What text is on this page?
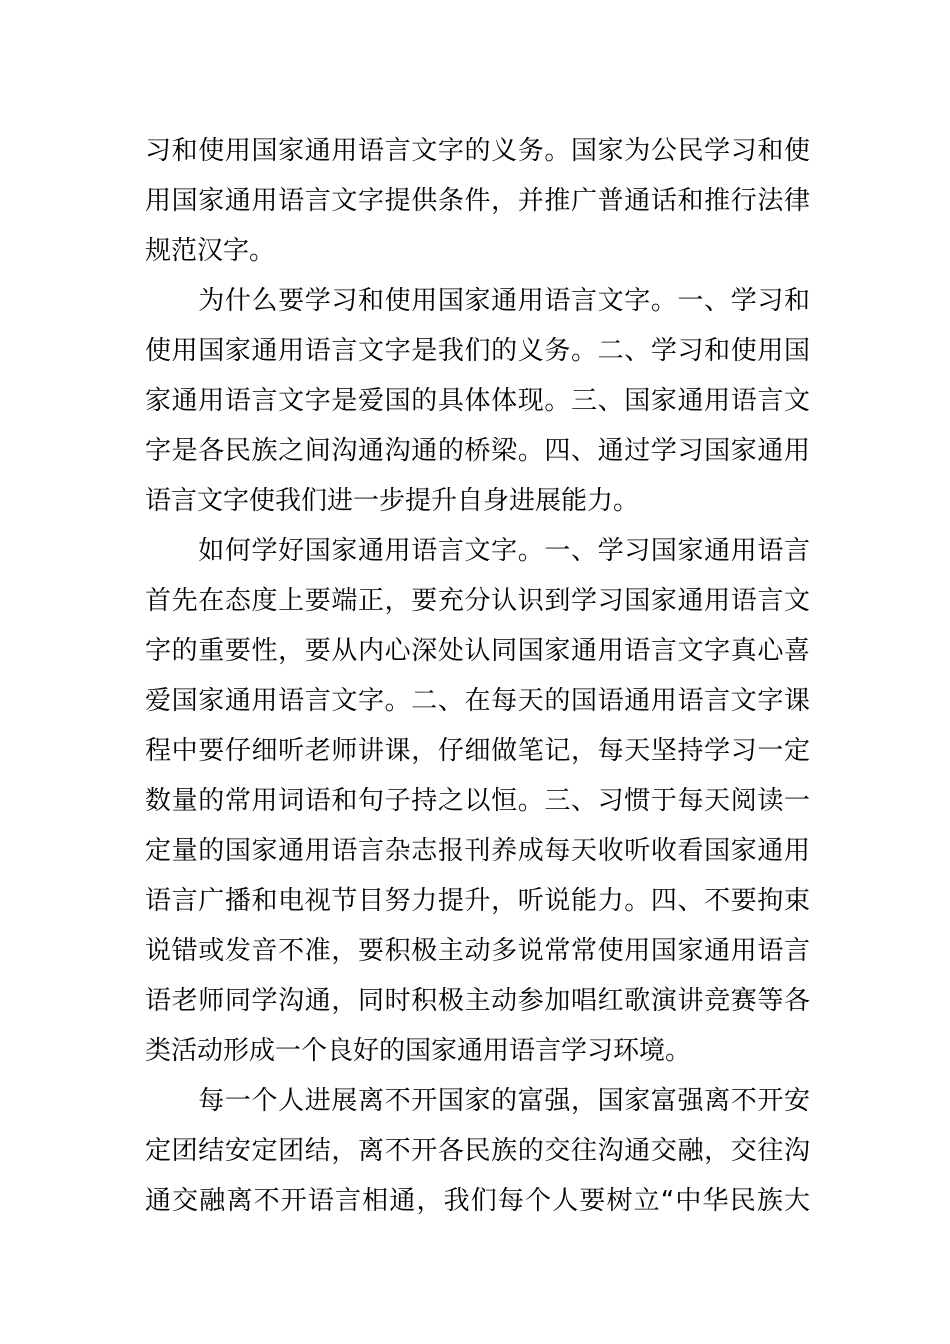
习和使用国家通用语言文字的义务。国家为公民学习和使
用国家通用语言文字提供条件，并推广普通话和推行法律
规范汉字。
　　为什么要学习和使用国家通用语言文字。一、学习和
使用国家通用语言文字是我们的义务。二、学习和使用国
家通用语言文字是爱国的具体体现。三、国家通用语言文
字是各民族之间沟通沟通的桥梁。四、通过学习国家通用
语言文字使我们进一步提升自身进展能力。
　　如何学好国家通用语言文字。一、学习国家通用语言
首先在态度上要端正，要充分认识到学习国家通用语言文
字的重要性，要从内心深处认同国家通用语言文字真心喜
爱国家通用语言文字。二、在每天的国语通用语言文字课
程中要仔细听老师讲课，仔细做笔记，每天坚持学习一定
数量的常用词语和句子持之以恒。三、习惯于每天阅读一
定量的国家通用语言杂志报刊养成每天收听收看国家通用
语言广播和电视节目努力提升，听说能力。四、不要拘束
说错或发音不准，要积极主动多说常常使用国家通用语言
语老师同学沟通，同时积极主动参加唱红歌演讲竞赛等各
类活动形成一个良好的国家通用语言学习环境。
　　每一个人进展离不开国家的富强，国家富强离不开安
定团结安定团结，离不开各民族的交往沟通交融，交往沟
通交融离不开语言相通，我们每个人要树立“中华民族大
